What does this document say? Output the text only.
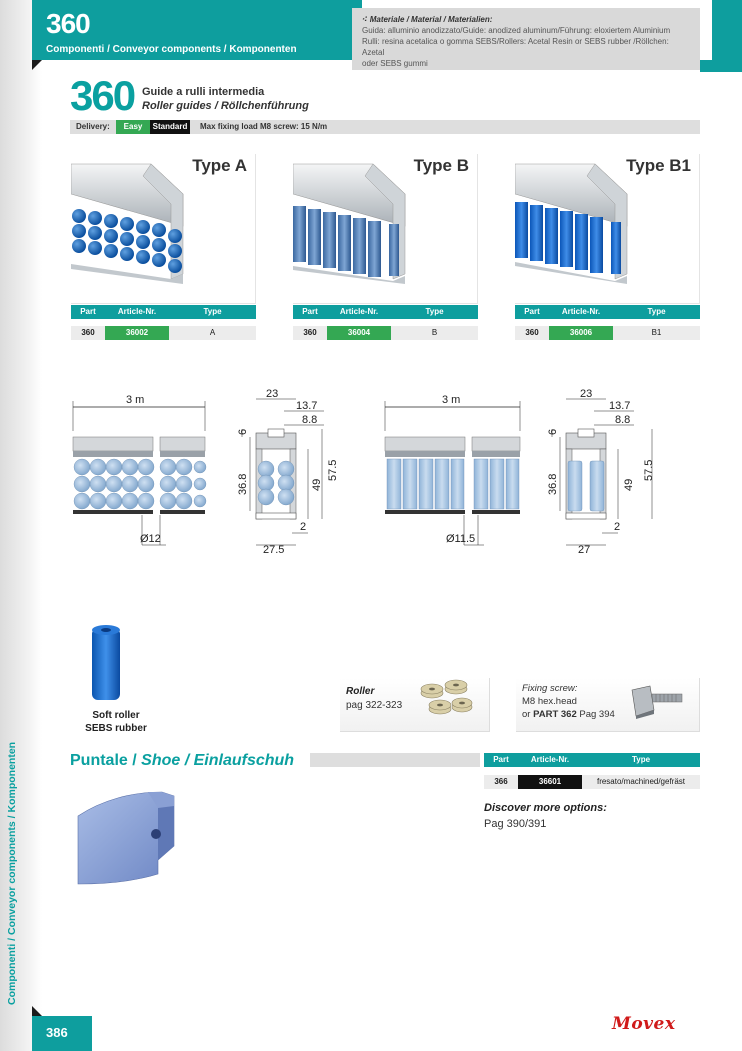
Componenti / Conveyor components / Komponenten
360
Componenti / Conveyor components / Komponenten
⁖ Materiale / Material / Materialien:
Guida: alluminio anodizzato/Guide: anodized aluminum/Führung: eloxiertem Aluminium
Rulli: resina acetalica o gomma SEBS/Rollers: Acetal Resin or SEBS rubber /Röllchen: Azetal
oder SEBS gummi
360 Guide a rulli intermedia
Roller guides / Röllchenführung
Delivery:	Easy	Standard	Max fixing load M8 screw: 15 N/m
Type A	Type B	Type B1
Part	Article-Nr.	Type
360	36002	A
Part	Article-Nr.	Type
360	36004	B
Part	Article-Nr.	Type
360	36006	B1
3 m
Ø12
23
13.7
8.8
6
36.8	49
57.5
2
27.5
3 m
Ø11.5
23
13.7
8.8
6
36.8	49
57.5
2
27
Soft roller
SEBS rubber
Roller
pag 322-323
Fixing screw:
M8 hex.head
or PART 362 Pag 394
Puntale / Shoe / Einlaufschuh	Part	Article-Nr.	Type
366	36601	fresato/machined/gefräst
Discover more options:
Pag 390/391
386	Movex
